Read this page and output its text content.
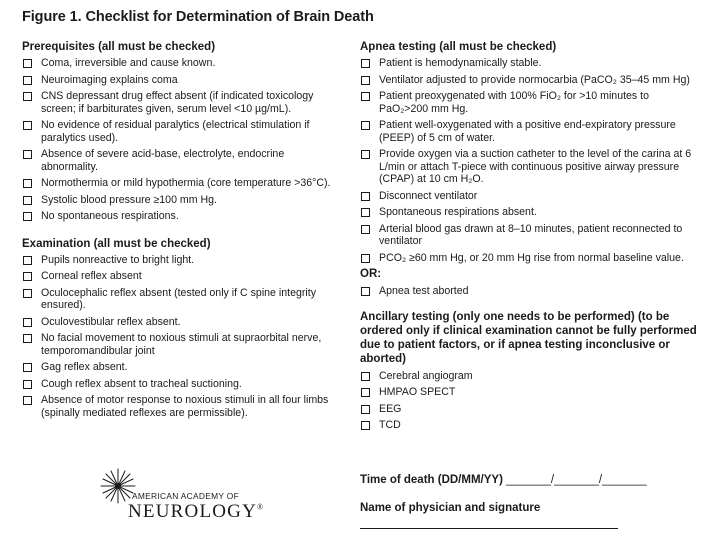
Figure 1. Checklist for Determination of Brain Death
Prerequisites (all must be checked)
Coma, irreversible and cause known.
Neuroimaging explains coma
CNS depressant drug effect absent (if indicated toxicology screen; if barbiturates given, serum level <10 µg/mL).
No evidence of residual paralytics (electrical stimulation if paralytics used).
Absence of severe acid-base, electrolyte, endocrine abnormality.
Normothermia or mild hypothermia (core temperature >36°C).
Systolic blood pressure ≥100 mm Hg.
No spontaneous respirations.
Examination (all must be checked)
Pupils nonreactive to bright light.
Corneal reflex absent
Oculocephalic reflex absent (tested only if C spine integrity ensured).
Oculovestibular reflex absent.
No facial movement to noxious stimuli at supraorbital nerve, temporomandibular joint
Gag reflex absent.
Cough reflex absent to tracheal suctioning.
Absence of motor response to noxious stimuli in all four limbs (spinally mediated reflexes are permissible).
Apnea testing (all must be checked)
Patient is hemodynamically stable.
Ventilator adjusted to provide normocarbia (PaCO₂ 35–45 mm Hg)
Patient preoxygenated with 100% FiO₂ for >10 minutes to PaO₂>200 mm Hg.
Patient well-oxygenated with a positive end-expiratory pressure (PEEP) of 5 cm of water.
Provide oxygen via a suction catheter to the level of the carina at 6 L/min or attach T-piece with continuous positive airway pressure (CPAP) at 10 cm H₂O.
Disconnect ventilator
Spontaneous respirations absent.
Arterial blood gas drawn at 8–10 minutes, patient reconnected to ventilator
PCO₂ ≥60 mm Hg, or 20 mm Hg rise from normal baseline value.
OR:
Apnea test aborted
Ancillary testing (only one needs to be performed) (to be ordered only if clinical examination cannot be fully performed due to patient factors, or if apnea testing inconclusive or aborted)
Cerebral angiogram
HMPAO SPECT
EEG
TCD
Time of death (DD/MM/YY) _______/_______/_______
Name of physician and signature
AMERICAN ACADEMY OF
NEUROLOGY®
